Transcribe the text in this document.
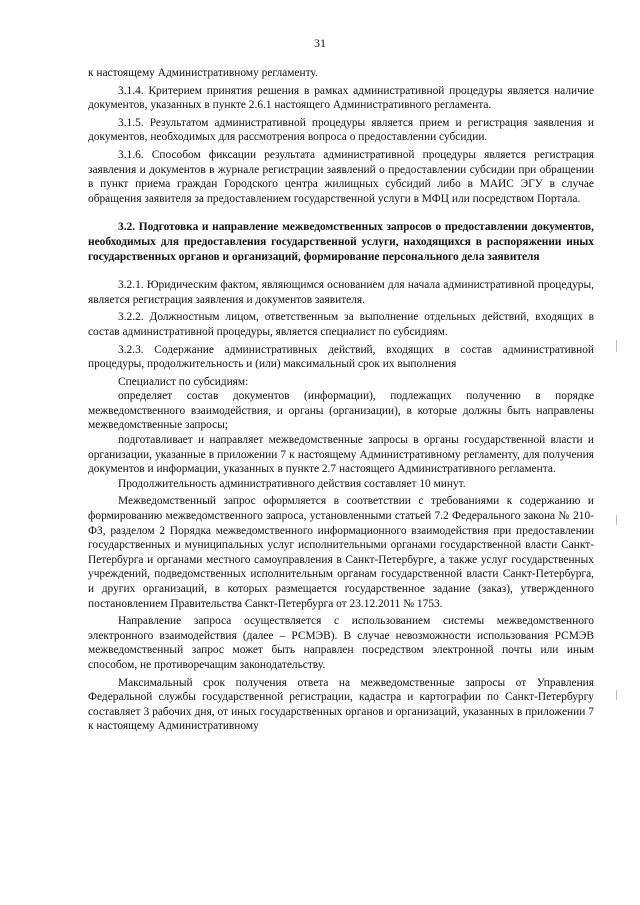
31

к настоящему Административному регламенту.

3.1.4. Критерием принятия решения в рамках административной процедуры является наличие документов, указанных в пункте 2.6.1 настоящего Административного регламента.

3.1.5. Результатом административной процедуры является прием и регистрация заявления и документов, необходимых для рассмотрения вопроса о предоставлении субсидии.

3.1.6. Способом фиксации результата административной процедуры является регистрация заявления и документов в журнале регистрации заявлений о предоставлении субсидии при обращении в пункт приема граждан Городского центра жилищных субсидий либо в МАИС ЭГУ в случае обращения заявителя за предоставлением государственной услуги в МФЦ или посредством Портала.

3.2. Подготовка и направление межведомственных запросов о предоставлении документов, необходимых для предоставления государственной услуги, находящихся в распоряжении иных государственных органов и организаций, формирование персонального дела заявителя

3.2.1. Юридическим фактом, являющимся основанием для начала административной процедуры, является регистрация заявления и документов заявителя.

3.2.2. Должностным лицом, ответственным за выполнение отдельных действий, входящих в состав административной процедуры, является специалист по субсидиям.

3.2.3. Содержание административных действий, входящих в состав административной процедуры, продолжительность и (или) максимальный срок их выполнения

Специалист по субсидиям:

определяет состав документов (информации), подлежащих получению в порядке межведомственного взаимодействия, и органы (организации), в которые должны быть направлены межведомственные запросы;

подготавливает и направляет межведомственные запросы в органы государственной власти и организации, указанные в приложении 7 к настоящему Административному регламенту, для получения документов и информации, указанных в пункте 2.7 настоящего Административного регламента.

Продолжительность административного действия составляет 10 минут.

Межведомственный запрос оформляется в соответствии с требованиями к содержанию и формированию межведомственного запроса, установленными статьей 7.2 Федерального закона № 210-ФЗ, разделом 2 Порядка межведомственного информационного взаимодействия при предоставлении государственных и муниципальных услуг исполнительными органами государственной власти Санкт-Петербурга и органами местного самоуправления в Санкт-Петербурге, а также услуг государственных учреждений, подведомственных исполнительным органам государственной власти Санкт-Петербурга, и других организаций, в которых размещается государственное задание (заказ), утвержденного постановлением Правительства Санкт-Петербурга от 23.12.2011 № 1753.

Направление запроса осуществляется с использованием системы межведомственного электронного взаимодействия (далее – РСМЭВ). В случае невозможности использования РСМЭВ межведомственный запрос может быть направлен посредством электронной почты или иным способом, не противоречащим законодательству.

Максимальный срок получения ответа на межведомственные запросы от Управления Федеральной службы государственной регистрации, кадастра и картографии по Санкт-Петербургу составляет 3 рабочих дня, от иных государственных органов и организаций, указанных в приложении 7 к настоящему Административному
